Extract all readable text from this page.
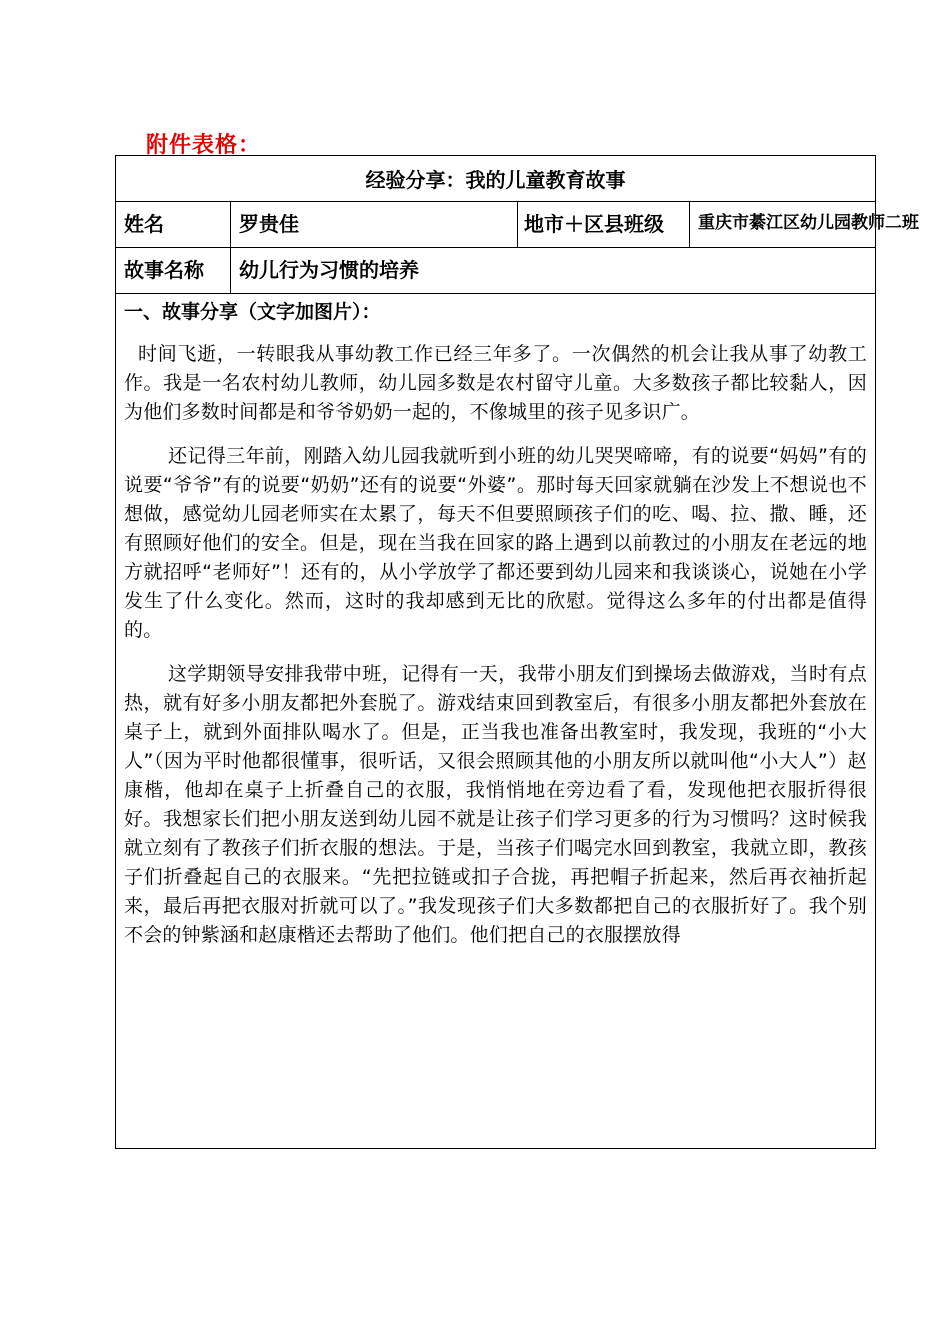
附件表格：
经验分享：我的儿童教育故事
姓名	罗贵佳	地市＋区县班级	重庆市綦江区幼儿园教师二班
故事名称	幼儿行为习惯的培养
一、故事分享（文字加图片）：

时间飞逝，一转眼我从事幼教工作已经三年多了。一次偶然的机会让我从事了幼教工作。我是一名农村幼儿教师，幼儿园多数是农村留守儿童。大多数孩子都比较黏人，因为他们多数时间都是和爷爷奶奶一起的，不像城里的孩子见多识广。

还记得三年前，刚踏入幼儿园我就听到小班的幼儿哭哭啼啼，有的说要“妈妈”有的说要“爷爷”有的说要“奶奶”还有的说要“外婆”。那时每天回家就躺在沙发上不想说也不想做，感觉幼儿园老师实在太累了，每天不但要照顾孩子们的吃、喝、拉、撒、睡，还有照顾好他们的安全。但是，现在当我在回家的路上遇到以前教过的小朋友在老远的地方就招呼“老师好”！还有的，从小学放学了都还要到幼儿园来和我谈谈心，说她在小学发生了什么变化。然而，这时的我却感到无比的欣慰。觉得这么多年的付出都是值得的。

这学期领导安排我带中班，记得有一天，我带小朋友们到操场去做游戏，当时有点热，就有好多小朋友都把外套脱了。游戏结束回到教室后，有很多小朋友都把外套放在桌子上，就到外面排队喝水了。但是，正当我也准备出教室时，我发现，我班的“小大人”（因为平时他都很懂事，很听话，又很会照顾其他的小朋友所以就叫他“小大人”）赵康楷，他却在桌子上折叠自己的衣服，我悄悄地在旁边看了看，发现他把衣服折得很好。我想家长们把小朋友送到幼儿园不就是让孩子们学习更多的行为习惯吗？这时候我就立刻有了教孩子们折衣服的想法。于是，当孩子们喝完水回到教室，我就立即，教孩子们折叠起自己的衣服来。“先把拉链或扣子合拢，再把帽子折起来，然后再衣袖折起来，最后再把衣服对折就可以了。”我发现孩子们大多数都把自己的衣服折好了。我个别不会的钟紫涵和赵康楷还去帮助了他们。他们把自己的衣服摆放得
